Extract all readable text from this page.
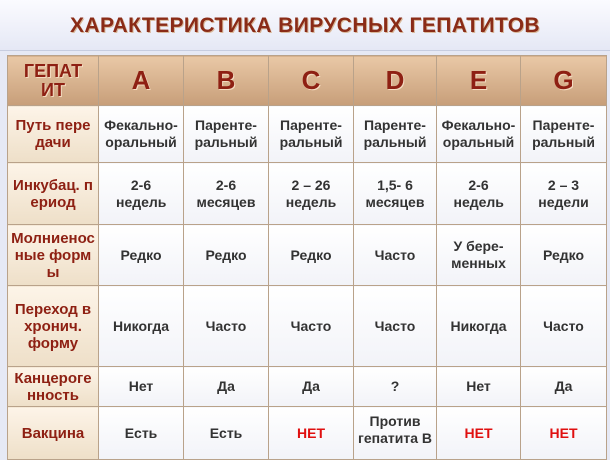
ХАРАКТЕРИСТИКА ВИРУСНЫХ ГЕПАТИТОВ
ГЕПАТИТ	A	B	C	D	E	G
Путь передачи	Фекально-оральный	Паренте-ральный	Паренте-ральный	Паренте-ральный	Фекально-оральный	Паренте-ральный
Инкубац. период	2-6 недель	2-6 месяцев	2 – 26 недель	1,5- 6 месяцев	2-6 недель	2 – 3 недели
Молниеносные формы	Редко	Редко	Редко	Часто	У бере-менных	Редко
Переход в хронич. форму	Никогда	Часто	Часто	Часто	Никогда	Часто
Канцерогенность	Нет	Да	Да	?	Нет	Да
Вакцина	Есть	Есть	НЕТ	Против гепатита В	НЕТ	НЕТ
